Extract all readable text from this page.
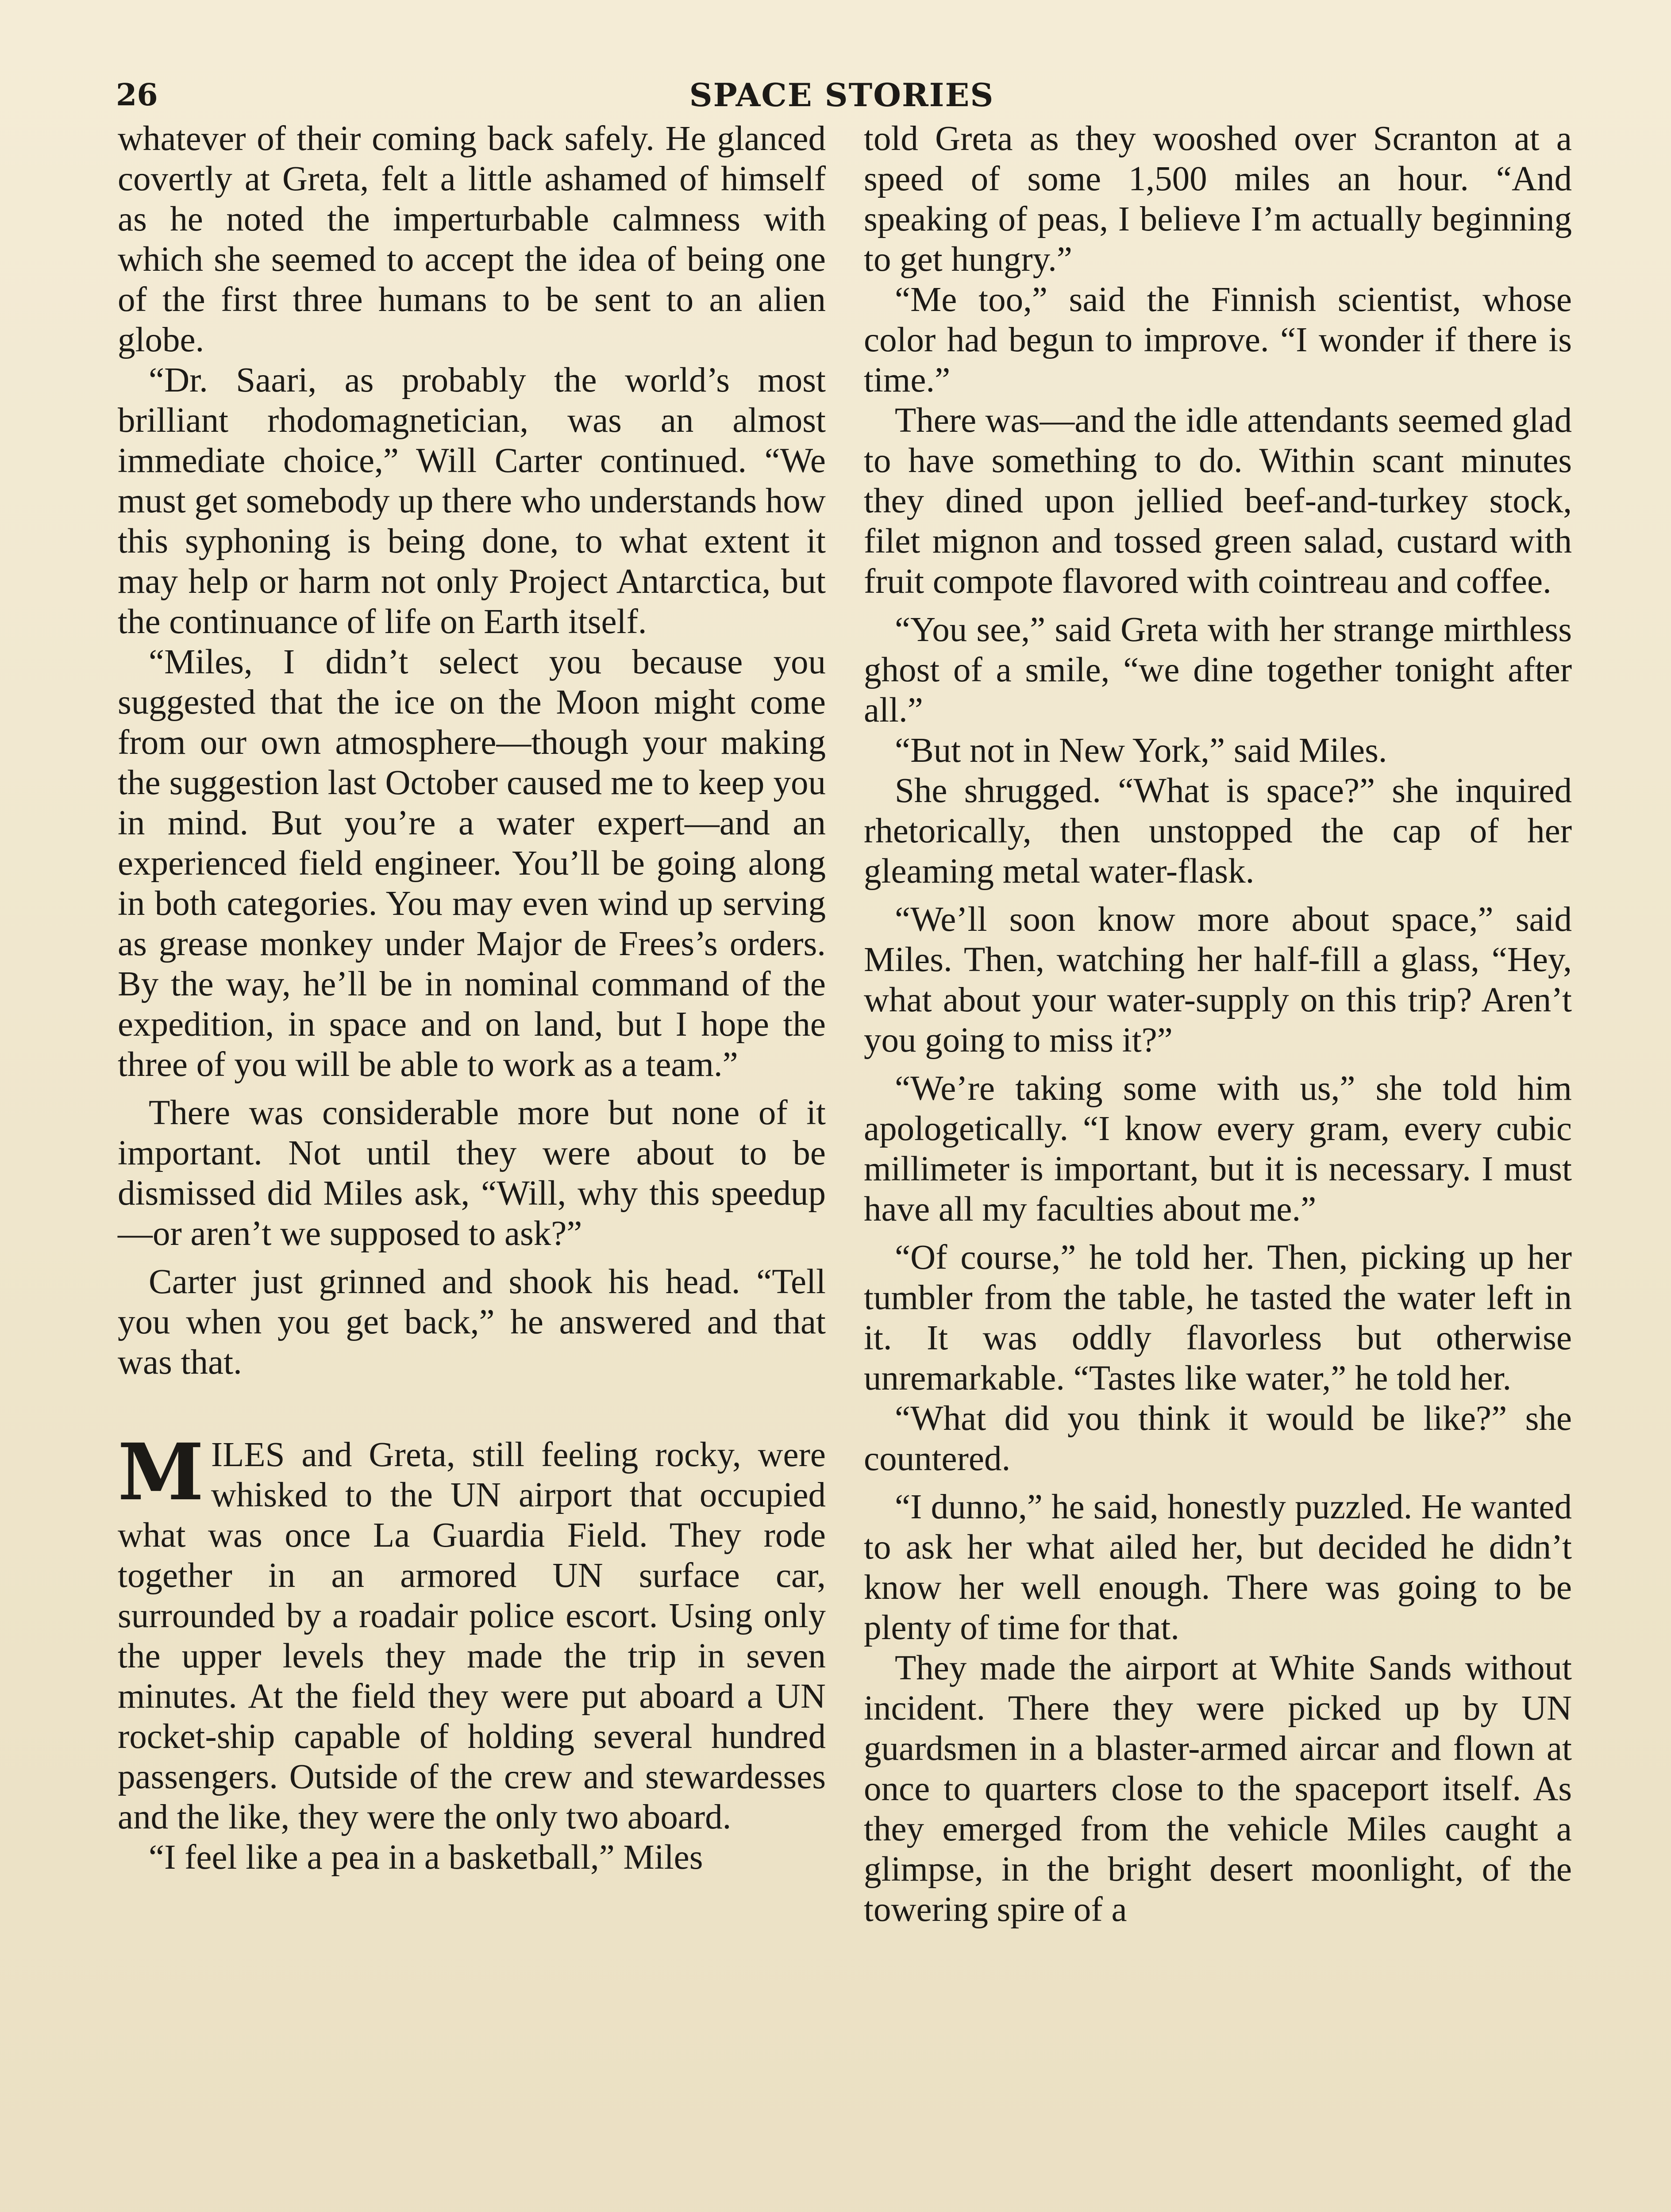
26	SPACE STORIES

whatever of their coming back safely. He glanced covertly at Greta, felt a little ashamed of himself as he noted the imperturbable calmness with which she seemed to accept the idea of being one of the first three humans to be sent to an alien globe.

“Dr. Saari, as probably the world’s most brilliant rhodomagnetician, was an almost immediate choice,” Will Carter continued. “We must get somebody up there who understands how this syphoning is being done, to what extent it may help or harm not only Project Antarctica, but the continuance of life on Earth itself.

“Miles, I didn’t select you because you suggested that the ice on the Moon might come from our own atmosphere—though your making the suggestion last October caused me to keep you in mind. But you’re a water expert—and an experienced field engineer. You’ll be going along in both categories. You may even wind up serving as grease monkey under Major de Frees’s orders. By the way, he’ll be in nominal command of the expedition, in space and on land, but I hope the three of you will be able to work as a team.”

There was considerable more but none of it important. Not until they were about to be dismissed did Miles ask, “Will, why this speedup—or aren’t we supposed to ask?”

Carter just grinned and shook his head. “Tell you when you get back,” he answered and that was that.

MILES and Greta, still feeling rocky, were whisked to the UN airport that occupied what was once La Guardia Field. They rode together in an armored UN surface car, surrounded by a roadair police escort. Using only the upper levels they made the trip in seven minutes. At the field they were put aboard a UN rocket-ship capable of holding several hundred passengers. Outside of the crew and stewardesses and the like, they were the only two aboard.

“I feel like a pea in a basketball,” Miles

told Greta as they wooshed over Scranton at a speed of some 1,500 miles an hour. “And speaking of peas, I believe I’m actually beginning to get hungry.”

“Me too,” said the Finnish scientist, whose color had begun to improve. “I wonder if there is time.”

There was—and the idle attendants seemed glad to have something to do. Within scant minutes they dined upon jellied beef-and-turkey stock, filet mignon and tossed green salad, custard with fruit compote flavored with cointreau and coffee.

“You see,” said Greta with her strange mirthless ghost of a smile, “we dine together tonight after all.”

“But not in New York,” said Miles.

She shrugged. “What is space?” she inquired rhetorically, then unstopped the cap of her gleaming metal water-flask.

“We’ll soon know more about space,” said Miles. Then, watching her half-fill a glass, “Hey, what about your water-supply on this trip? Aren’t you going to miss it?”

“We’re taking some with us,” she told him apologetically. “I know every gram, every cubic millimeter is important, but it is necessary. I must have all my faculties about me.”

“Of course,” he told her. Then, picking up her tumbler from the table, he tasted the water left in it. It was oddly flavorless but otherwise unremarkable. “Tastes like water,” he told her.

“What did you think it would be like?” she countered.

“I dunno,” he said, honestly puzzled. He wanted to ask her what ailed her, but decided he didn’t know her well enough. There was going to be plenty of time for that.

They made the airport at White Sands without incident. There they were picked up by UN guardsmen in a blaster-armed aircar and flown at once to quarters close to the spaceport itself. As they emerged from the vehicle Miles caught a glimpse, in the bright desert moonlight, of the towering spire of a
